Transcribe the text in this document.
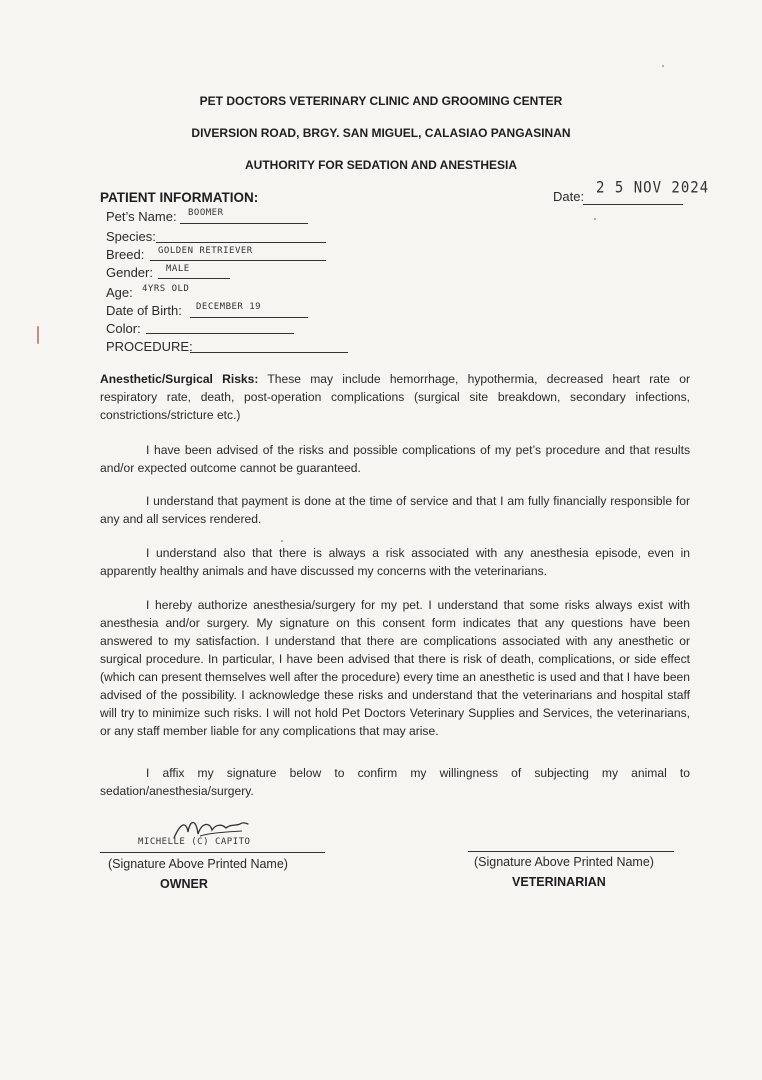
PET DOCTORS VETERINARY CLINIC AND GROOMING CENTER
DIVERSION ROAD, BRGY. SAN MIGUEL, CALASIAO PANGASINAN
AUTHORITY FOR SEDATION AND ANESTHESIA
Date: 2 5 NOV 2024
PATIENT INFORMATION:
Pet’s Name: BOOMER
Species:
Breed: GOLDEN RETRIEVER
Gender: MALE
Age: 4YRS OLD
Date of Birth: DECEMBER 19
Color:
PROCEDURE:

Anesthetic/Surgical Risks: These may include hemorrhage, hypothermia, decreased heart rate or respiratory rate, death, post-operation complications (surgical site breakdown, secondary infections, constrictions/stricture etc.)

I have been advised of the risks and possible complications of my pet’s procedure and that results and/or expected outcome cannot be guaranteed.

I understand that payment is done at the time of service and that I am fully financially responsible for any and all services rendered.

I understand also that there is always a risk associated with any anesthesia episode, even in apparently healthy animals and have discussed my concerns with the veterinarians.

I hereby authorize anesthesia/surgery for my pet. I understand that some risks always exist with anesthesia and/or surgery. My signature on this consent form indicates that any questions have been answered to my satisfaction. I understand that there are complications associated with any anesthetic or surgical procedure. In particular, I have been advised that there is risk of death, complications, or side effect (which can present themselves well after the procedure) every time an anesthetic is used and that I have been advised of the possibility. I acknowledge these risks and understand that the veterinarians and hospital staff will try to minimize such risks. I will not hold Pet Doctors Veterinary Supplies and Services, the veterinarians, or any staff member liable for any complications that may arise.

I affix my signature below to confirm my willingness of subjecting my animal to sedation/anesthesia/surgery.

MICHELLE (C) CAPITO
(Signature Above Printed Name)
OWNER
(Signature Above Printed Name)
VETERINARIAN
